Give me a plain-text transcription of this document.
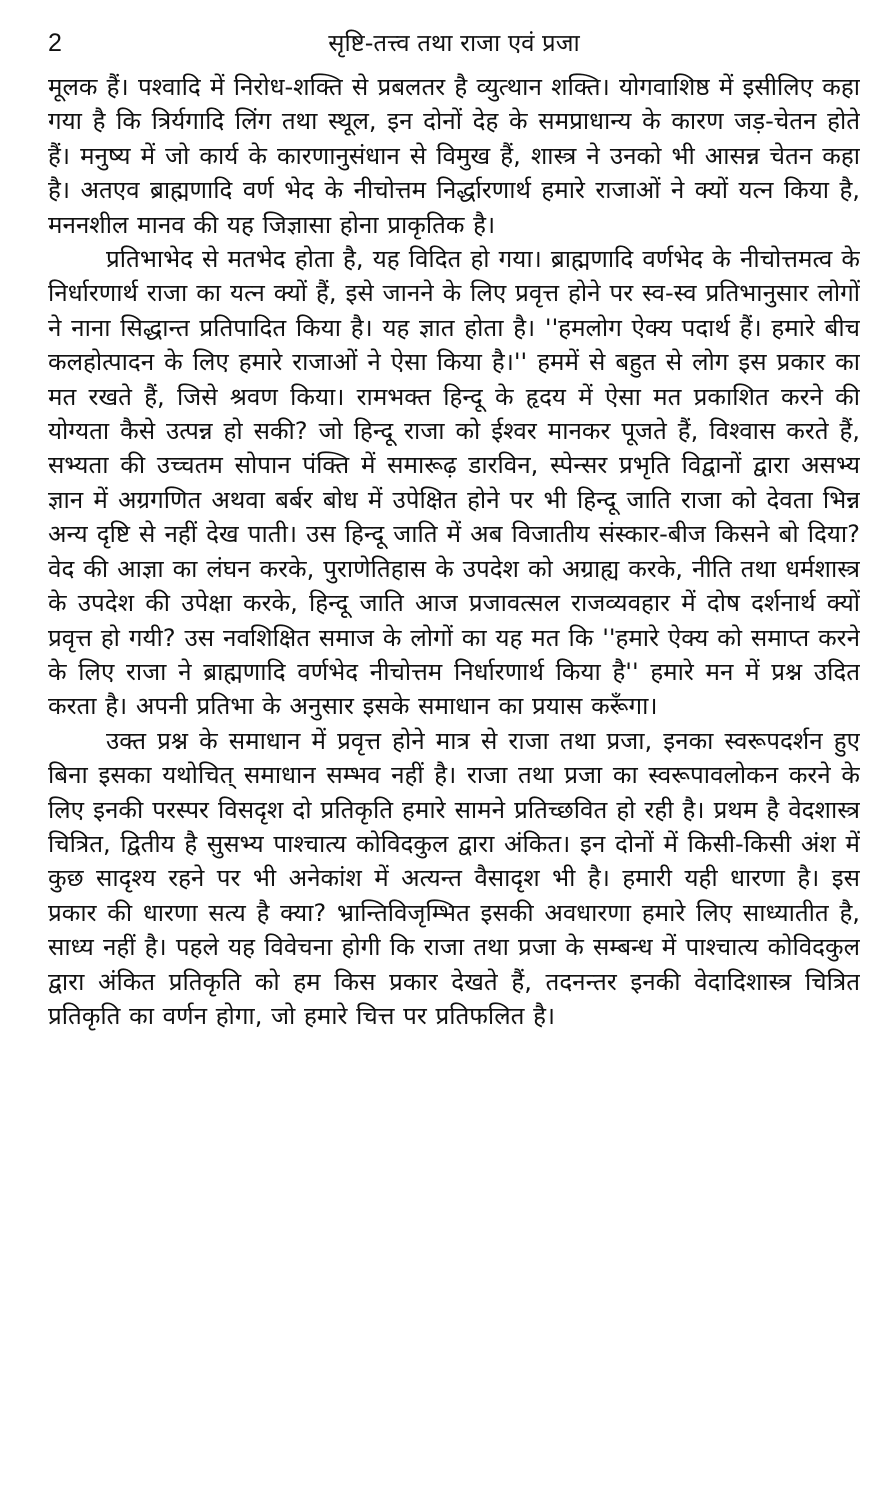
2	सृष्टि-तत्त्व तथा राजा एवं प्रजा

मूलक हैं। पश्वादि में निरोध-शक्ति से प्रबलतर है व्युत्थान शक्ति। योगवाशिष्ठ में इसीलिए कहा गया है कि त्रिर्यगादि लिंग तथा स्थूल, इन दोनों देह के समप्राधान्य के कारण जड़-चेतन होते हैं। मनुष्य में जो कार्य के कारणानुसंधान से विमुख हैं, शास्त्र ने उनको भी आसन्न चेतन कहा है। अतएव ब्राह्मणादि वर्ण भेद के नीचोत्तम निर्द्धारणार्थ हमारे राजाओं ने क्यों यत्न किया है, मननशील मानव की यह जिज्ञासा होना प्राकृतिक है।

प्रतिभाभेद से मतभेद होता है, यह विदित हो गया। ब्राह्मणादि वर्णभेद के नीचोत्तमत्व के निर्धारणार्थ राजा का यत्न क्यों हैं, इसे जानने के लिए प्रवृत्त होने पर स्व-स्व प्रतिभानुसार लोगों ने नाना सिद्धान्त प्रतिपादित किया है। यह ज्ञात होता है। ''हमलोग ऐक्य पदार्थ हैं। हमारे बीच कलहोत्पादन के लिए हमारे राजाओं ने ऐसा किया है।'' हममें से बहुत से लोग इस प्रकार का मत रखते हैं, जिसे श्रवण किया। रामभक्त हिन्दू के हृदय में ऐसा मत प्रकाशित करने की योग्यता कैसे उत्पन्न हो सकी? जो हिन्दू राजा को ईश्वर मानकर पूजते हैं, विश्वास करते हैं, सभ्यता की उच्चतम सोपान पंक्ति में समारूढ़ डारविन, स्पेन्सर प्रभृति विद्वानों द्वारा असभ्य ज्ञान में अग्रगणित अथवा बर्बर बोध में उपेक्षित होने पर भी हिन्दू जाति राजा को देवता भिन्न अन्य दृष्टि से नहीं देख पाती। उस हिन्दू जाति में अब विजातीय संस्कार-बीज किसने बो दिया? वेद की आज्ञा का लंघन करके, पुराणेतिहास के उपदेश को अग्राह्य करके, नीति तथा धर्मशास्त्र के उपदेश की उपेक्षा करके, हिन्दू जाति आज प्रजावत्सल राजव्यवहार में दोष दर्शनार्थ क्यों प्रवृत्त हो गयी? उस नवशिक्षित समाज के लोगों का यह मत कि ''हमारे ऐक्य को समाप्त करने के लिए राजा ने ब्राह्मणादि वर्णभेद नीचोत्तम निर्धारणार्थ किया है'' हमारे मन में प्रश्न उदित करता है। अपनी प्रतिभा के अनुसार इसके समाधान का प्रयास करूँगा।

उक्त प्रश्न के समाधान में प्रवृत्त होने मात्र से राजा तथा प्रजा, इनका स्वरूपदर्शन हुए बिना इसका यथोचित् समाधान सम्भव नहीं है। राजा तथा प्रजा का स्वरूपावलोकन करने के लिए इनकी परस्पर विसदृश दो प्रतिकृति हमारे सामने प्रतिच्छवित हो रही है। प्रथम है वेदशास्त्र चित्रित, द्वितीय है सुसभ्य पाश्चात्य कोविदकुल द्वारा अंकित। इन दोनों में किसी-किसी अंश में कुछ सादृश्य रहने पर भी अनेकांश में अत्यन्त वैसादृश भी है। हमारी यही धारणा है। इस प्रकार की धारणा सत्य है क्या? भ्रान्तिविजृम्भित इसकी अवधारणा हमारे लिए साध्यातीत है, साध्य नहीं है। पहले यह विवेचना होगी कि राजा तथा प्रजा के सम्बन्ध में पाश्चात्य कोविदकुल द्वारा अंकित प्रतिकृति को हम किस प्रकार देखते हैं, तदनन्तर इनकी वेदादिशास्त्र चित्रित प्रतिकृति का वर्णन होगा, जो हमारे चित्त पर प्रतिफलित है।
